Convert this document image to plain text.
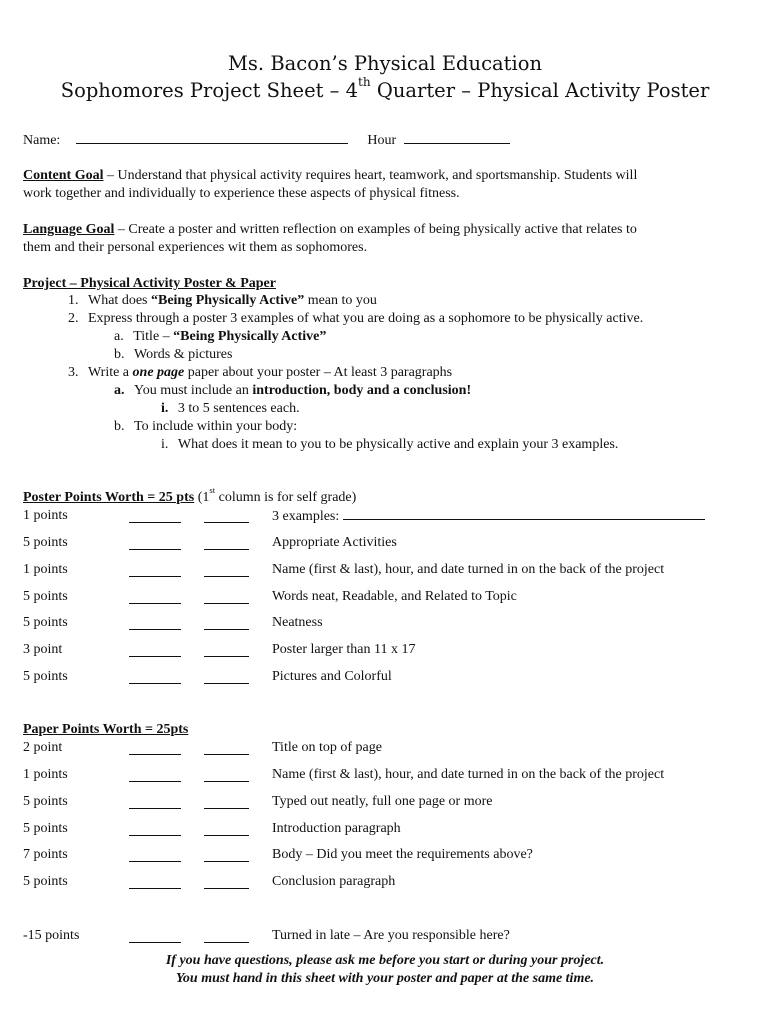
Ms. Bacon’s Physical Education
Sophomores Project Sheet – 4th Quarter – Physical Activity Poster
Name:	Hour
Content Goal – Understand that physical activity requires heart, teamwork, and sportsmanship. Students will
work together and individually to experience these aspects of physical fitness.
Language Goal – Create a poster and written reflection on examples of being physically active that relates to
them and their personal experiences wit them as sophomores.
Project – Physical Activity Poster & Paper
1. What does “Being Physically Active” mean to you
2. Express through a poster 3 examples of what you are doing as a sophomore to be physically active.
a. Title – “Being Physically Active”
b. Words & pictures
3. Write a one page paper about your poster – At least 3 paragraphs
a. You must include an introduction, body and a conclusion!
i. 3 to 5 sentences each.
b. To include within your body:
i. What does it mean to you to be physically active and explain your 3 examples.
Poster Points Worth = 25 pts (1st column is for self grade)
1 points	3 examples:
5 points	Appropriate Activities
1 points	Name (first & last), hour, and date turned in on the back of the project
5 points	Words neat, Readable, and Related to Topic
5 points	Neatness
3 point	Poster larger than 11 x 17
5 points	Pictures and Colorful
Paper Points Worth = 25pts
2 point	Title on top of page
1 points	Name (first & last), hour, and date turned in on the back of the project
5 points	Typed out neatly, full one page or more
5 points	Introduction paragraph
7 points	Body – Did you meet the requirements above?
5 points	Conclusion paragraph
-15 points	Turned in late – Are you responsible here?
If you have questions, please ask me before you start or during your project.
You must hand in this sheet with your poster and paper at the same time.
